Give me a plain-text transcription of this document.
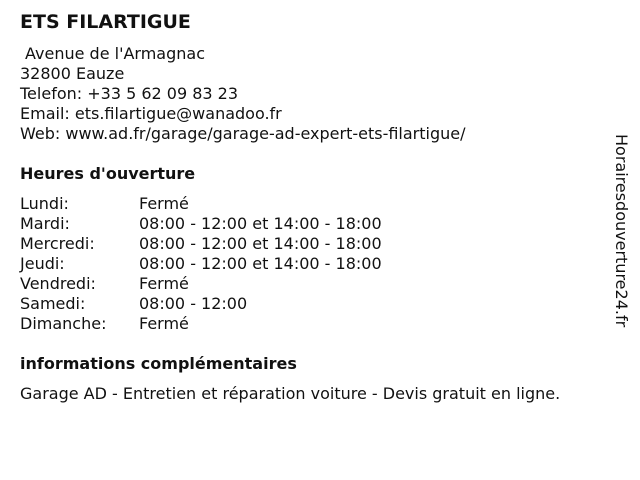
ETS FILARTIGUE
Avenue de l'Armagnac
32800 Eauze
Telefon: +33 5 62 09 83 23
Email: ets.filartigue@wanadoo.fr
Web: www.ad.fr/garage/garage-ad-expert-ets-filartigue/
Heures d'ouverture
Lundi:	Fermé
Mardi:	08:00 - 12:00 et 14:00 - 18:00
Mercredi:	08:00 - 12:00 et 14:00 - 18:00
Jeudi:	08:00 - 12:00 et 14:00 - 18:00
Vendredi:	Fermé
Samedi:	08:00 - 12:00
Dimanche: Fermé
informations complémentaires
Garage AD - Entretien et réparation voiture - Devis gratuit en ligne.
Horairesdouverture24.fr
